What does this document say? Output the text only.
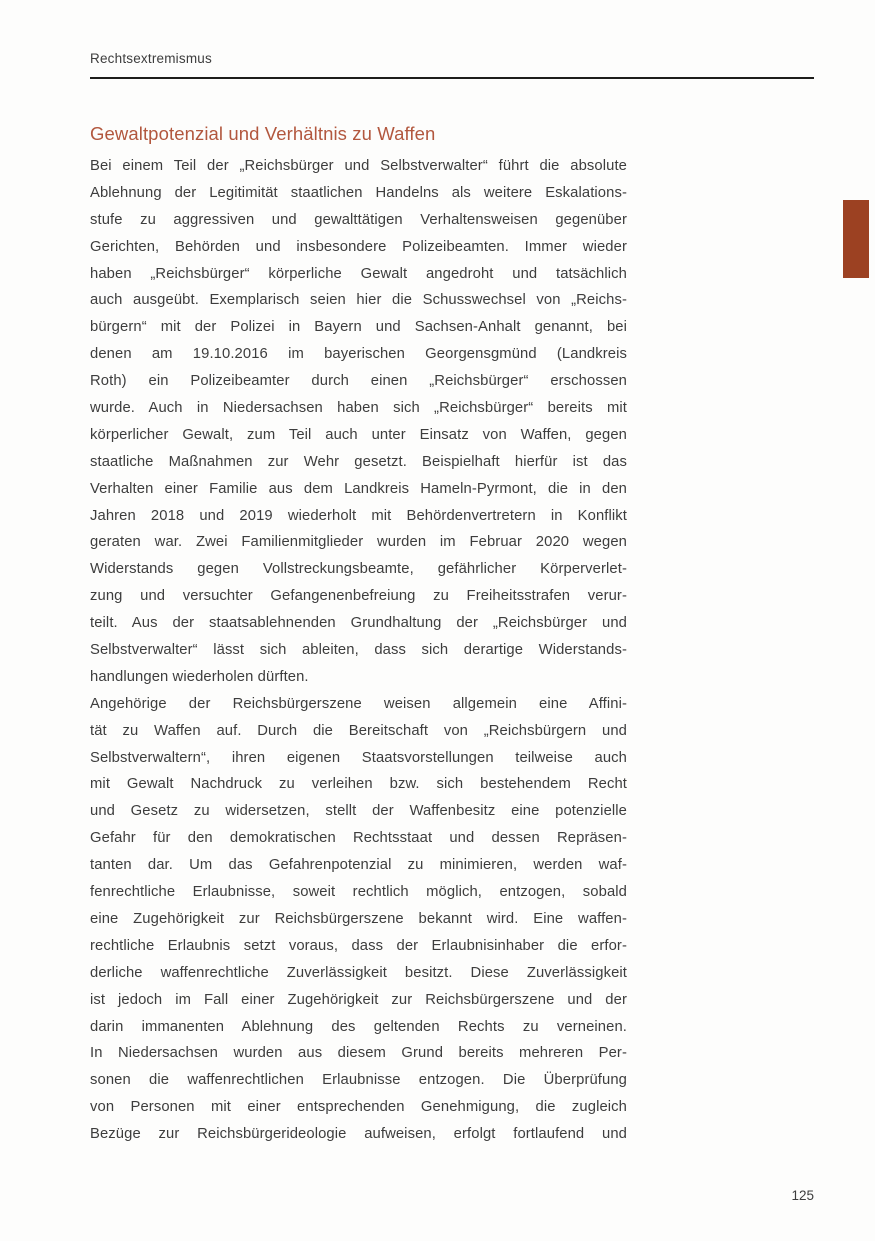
Rechtsextremismus
Gewaltpotenzial und Verhältnis zu Waffen
Bei einem Teil der „Reichsbürger und Selbstverwalter“ führt die absolute
Ablehnung der Legitimität staatlichen Handelns als weitere Eskalations-
stufe zu aggressiven und gewalttätigen Verhaltensweisen gegenüber
Gerichten, Behörden und insbesondere Polizeibeamten. Immer wieder
haben „Reichsbürger“ körperliche Gewalt angedroht und tatsächlich
auch ausgeübt. Exemplarisch seien hier die Schusswechsel von „Reichs-
bürgern“ mit der Polizei in Bayern und Sachsen-Anhalt genannt, bei
denen am 19.10.2016 im bayerischen Georgensgmünd (Landkreis
Roth) ein Polizeibeamter durch einen „Reichsbürger“ erschossen
wurde. Auch in Niedersachsen haben sich „Reichsbürger“ bereits mit
körperlicher Gewalt, zum Teil auch unter Einsatz von Waffen, gegen
staatliche Maßnahmen zur Wehr gesetzt. Beispielhaft hierfür ist das
Verhalten einer Familie aus dem Landkreis Hameln-Pyrmont, die in den
Jahren 2018 und 2019 wiederholt mit Behördenvertretern in Konflikt
geraten war. Zwei Familienmitglieder wurden im Februar 2020 wegen
Widerstands gegen Vollstreckungsbeamte, gefährlicher Körperverlet-
zung und versuchter Gefangenenbefreiung zu Freiheitsstrafen verur-
teilt. Aus der staatsablehnenden Grundhaltung der „Reichsbürger und
Selbstverwalter“ lässt sich ableiten, dass sich derartige Widerstands-
handlungen wiederholen dürften.
Angehörige der Reichsbürgerszene weisen allgemein eine Affini-
tät zu Waffen auf. Durch die Bereitschaft von „Reichsbürgern und
Selbstverwaltern“, ihren eigenen Staatsvorstellungen teilweise auch
mit Gewalt Nachdruck zu verleihen bzw. sich bestehendem Recht
und Gesetz zu widersetzen, stellt der Waffenbesitz eine potenzielle
Gefahr für den demokratischen Rechtsstaat und dessen Repräsen-
tanten dar. Um das Gefahrenpotenzial zu minimieren, werden waf-
fenrechtliche Erlaubnisse, soweit rechtlich möglich, entzogen, sobald
eine Zugehörigkeit zur Reichsbürgerszene bekannt wird. Eine waffen-
rechtliche Erlaubnis setzt voraus, dass der Erlaubnisinhaber die erfor-
derliche waffenrechtliche Zuverlässigkeit besitzt. Diese Zuverlässigkeit
ist jedoch im Fall einer Zugehörigkeit zur Reichsbürgerszene und der
darin immanenten Ablehnung des geltenden Rechts zu verneinen.
In Niedersachsen wurden aus diesem Grund bereits mehreren Per-
sonen die waffenrechtlichen Erlaubnisse entzogen. Die Überprüfung
von Personen mit einer entsprechenden Genehmigung, die zugleich
Bezüge zur Reichsbürgerideologie aufweisen, erfolgt fortlaufend und
125
